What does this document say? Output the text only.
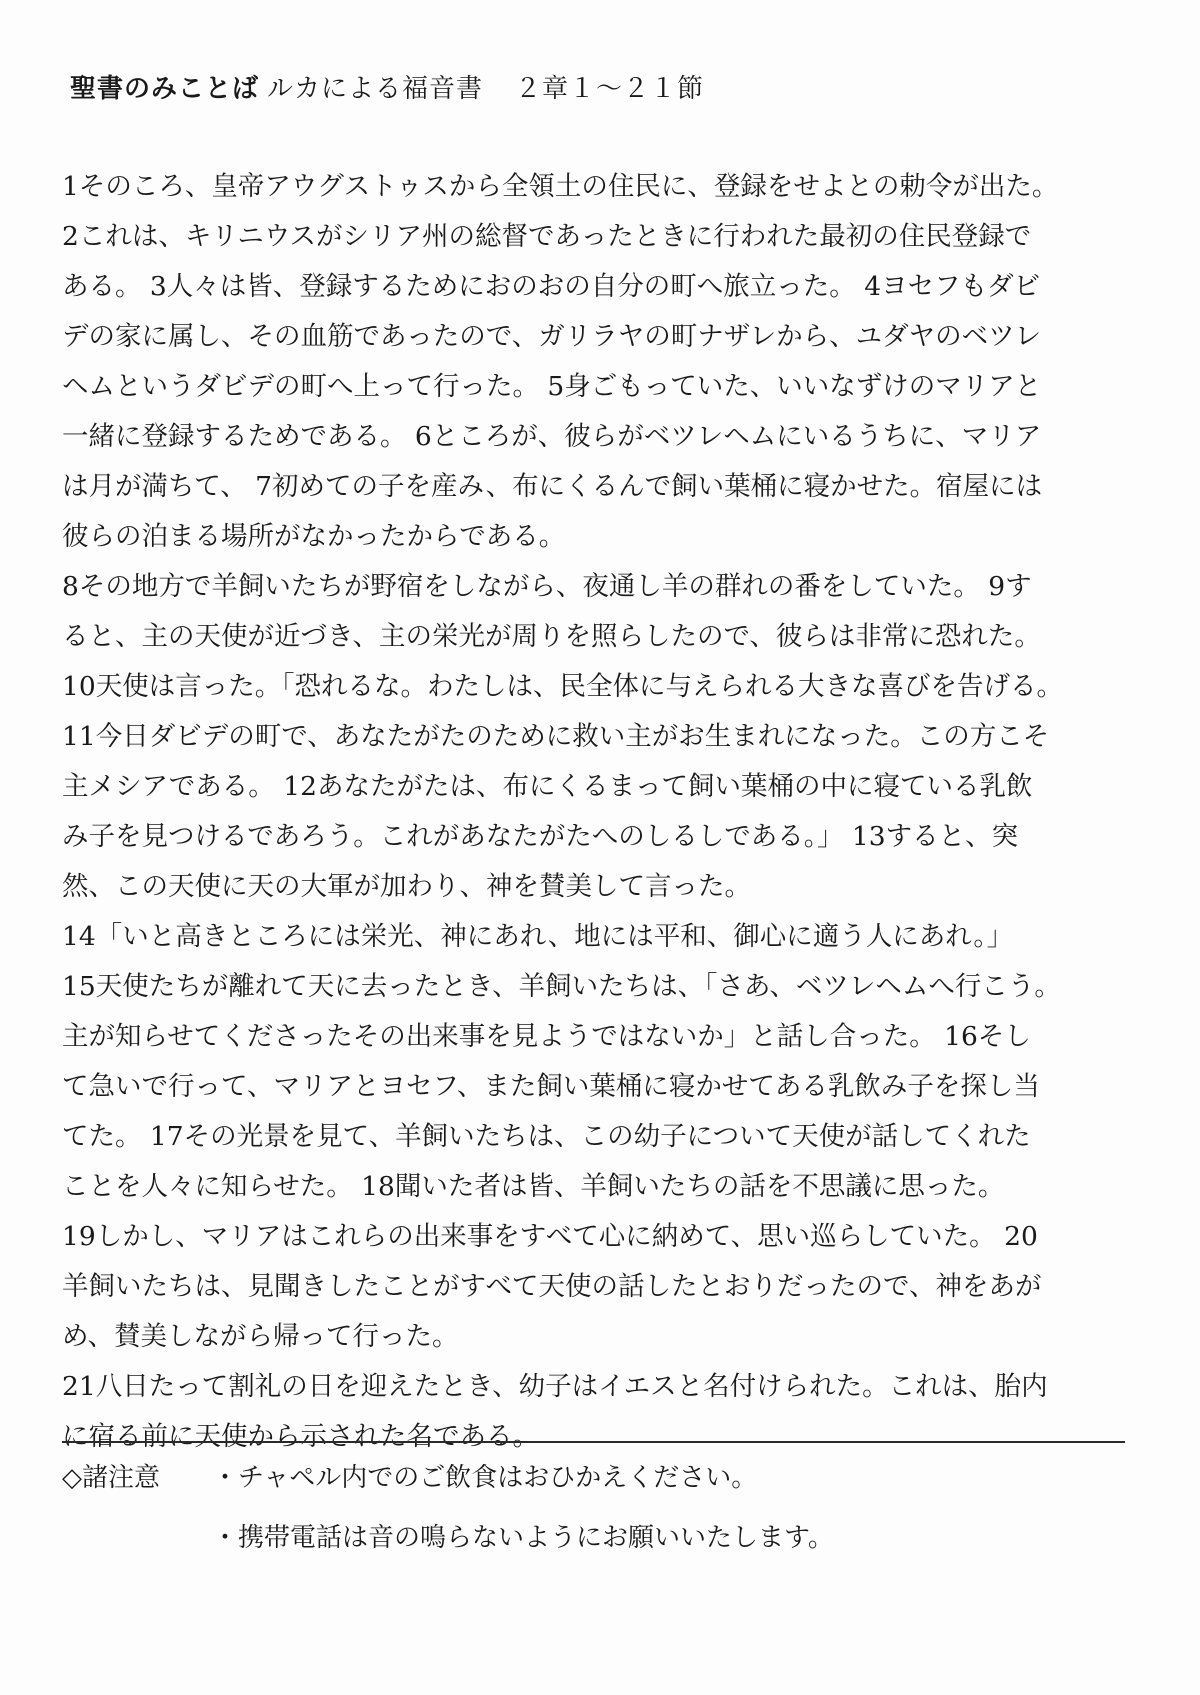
聖書のみことば ルカによる福音書 ２章１～２１節
1そのころ、皇帝アウグストゥスから全領土の住民に、登録をせよとの勅令が出た。
2これは、キリニウスがシリア州の総督であったときに行われた最初の住民登録で
ある。 3人々は皆、登録するためにおのおの自分の町へ旅立った。 4ヨセフもダビ
デの家に属し、その血筋であったので、ガリラヤの町ナザレから、ユダヤのベツレ
ヘムというダビデの町へ上って行った。 5身ごもっていた、いいなずけのマリアと
一緒に登録するためである。 6ところが、彼らがベツレヘムにいるうちに、マリア
は月が満ちて、 7初めての子を産み、布にくるんで飼い葉桶に寝かせた。宿屋には
彼らの泊まる場所がなかったからである。
8その地方で羊飼いたちが野宿をしながら、夜通し羊の群れの番をしていた。 9す
ると、主の天使が近づき、主の栄光が周りを照らしたので、彼らは非常に恐れた。
10天使は言った。「恐れるな。わたしは、民全体に与えられる大きな喜びを告げる。
11今日ダビデの町で、あなたがたのために救い主がお生まれになった。この方こそ
主メシアである。 12あなたがたは、布にくるまって飼い葉桶の中に寝ている乳飲
み子を見つけるであろう。これがあなたがたへのしるしである。」 13すると、突
然、この天使に天の大軍が加わり、神を賛美して言った。
14「いと高きところには栄光、神にあれ、地には平和、御心に適う人にあれ。」
15天使たちが離れて天に去ったとき、羊飼いたちは、「さあ、ベツレヘムへ行こう。
主が知らせてくださったその出来事を見ようではないか」と話し合った。 16そし
て急いで行って、マリアとヨセフ、また飼い葉桶に寝かせてある乳飲み子を探し当
てた。 17その光景を見て、羊飼いたちは、この幼子について天使が話してくれた
ことを人々に知らせた。 18聞いた者は皆、羊飼いたちの話を不思議に思った。
19しかし、マリアはこれらの出来事をすべて心に納めて、思い巡らしていた。 20
羊飼いたちは、見聞きしたことがすべて天使の話したとおりだったので、神をあが
め、賛美しながら帰って行った。
21八日たって割礼の日を迎えたとき、幼子はイエスと名付けられた。これは、胎内
に宿る前に天使から示された名である。
◇諸注意 ・チャペル内でのご飲食はおひかえください。
・携帯電話は音の鳴らないようにお願いいたします。
